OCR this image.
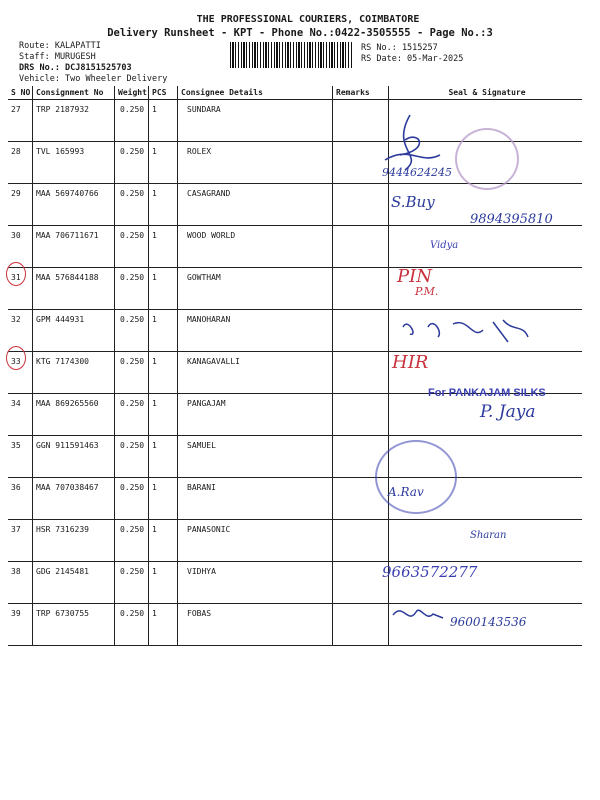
THE PROFESSIONAL COURIERS, COIMBATORE
Delivery Runsheet - KPT - Phone No.:0422-3505555 - Page No.:3
Route: KALAPATTI
Staff: MURUGESH
DRS No.: DCJ8151525703
Vehicle: Two Wheeler Delivery
RS No.: 1515257
RS Date: 05-Mar-2025
S NO	Consignment No	Weight	PCS	Consignee Details	Remarks	Seal & Signature
27	TRP 2187932	0.250	1	SUNDARA		
28	TVL 165993	0.250	1	ROLEX		
29	MAA 569740766	0.250	1	CASAGRAND		
30	MAA 706711671	0.250	1	WOOD WORLD		
31	MAA 576844188	0.250	1	GOWTHAM		
32	GPM 444931	0.250	1	MANOHARAN		
33	KTG 7174300	0.250	1	KANAGAVALLI		
34	MAA 869265560	0.250	1	PANGAJAM		
35	GGN 911591463	0.250	1	SAMUEL		
36	MAA 707038467	0.250	1	BARANI		
37	HSR 7316239	0.250	1	PANASONIC		
38	GDG 2145481	0.250	1	VIDHYA		
39	TRP 6730755	0.250	1	FOBAS		
9444624245
S.Buy
9894395810
Vidya
PIN
P.M.
HIR
For PANKAJAM SILKS
P. Jaya
A.Rav
Sharan
9663572277
9600143536
